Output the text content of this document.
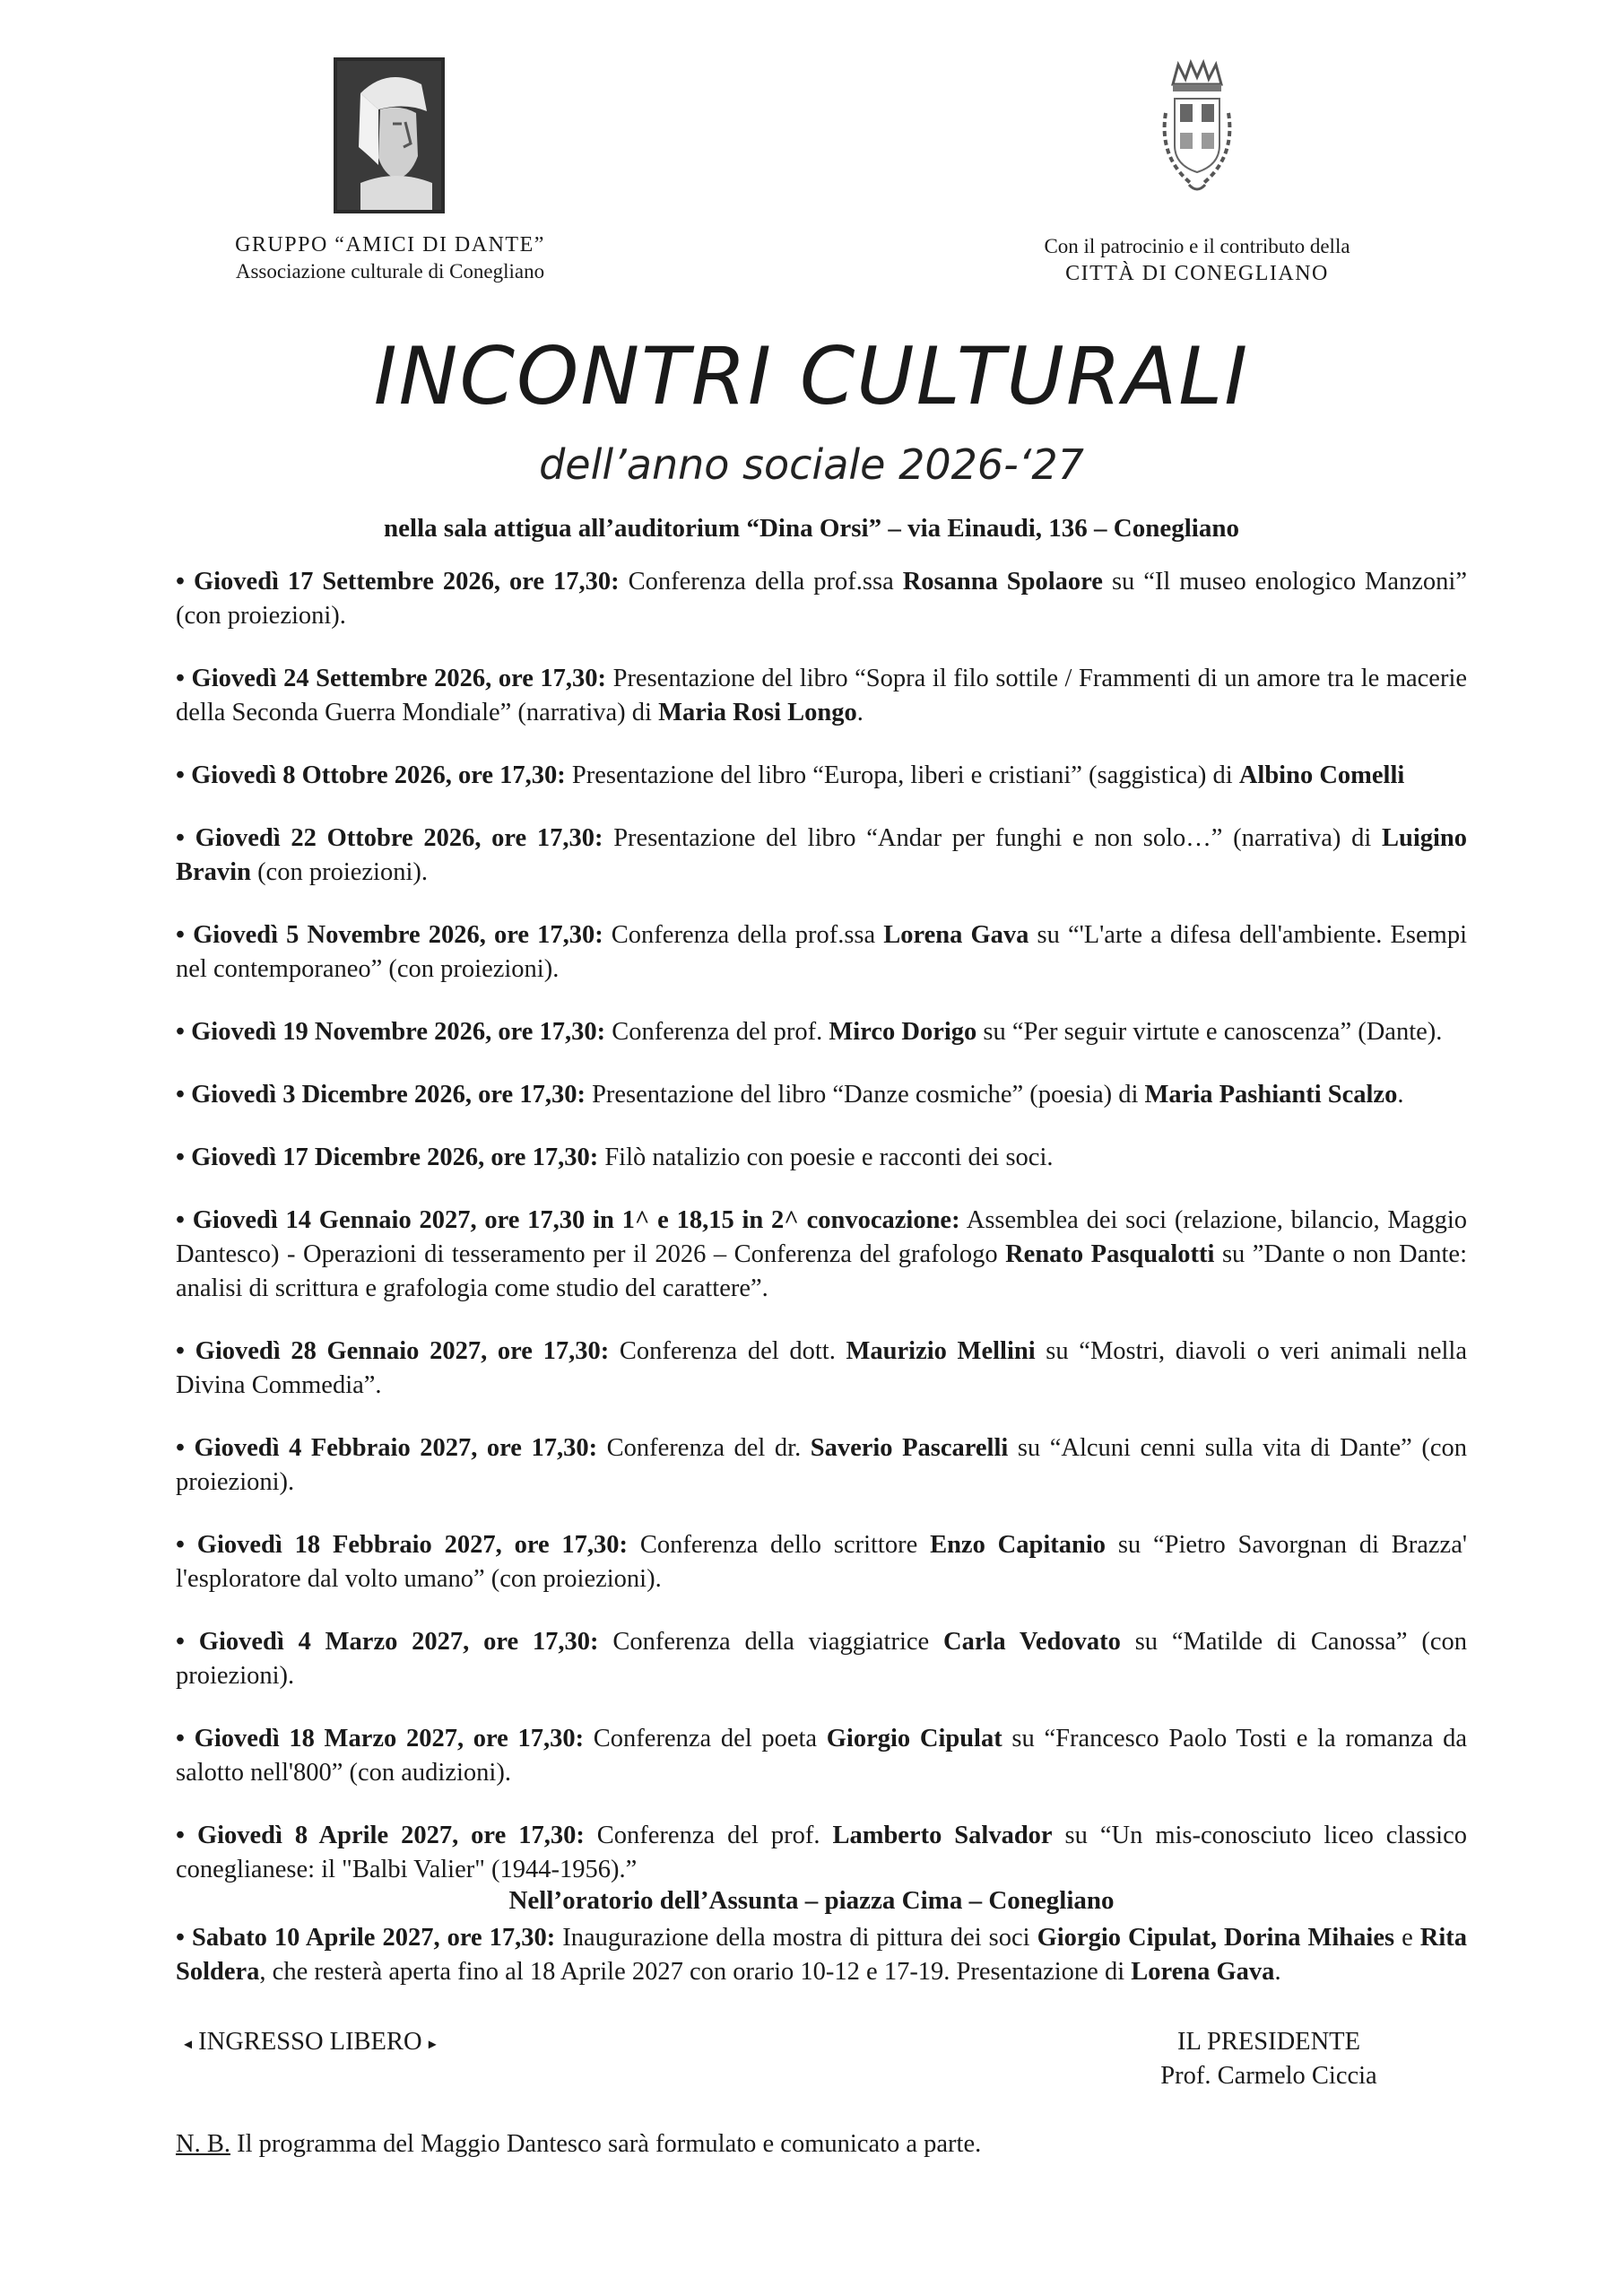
GRUPPO “AMICI DI DANTE”
Associazione culturale di Conegliano
Con il patrocinio e il contributo della
CITTÀ DI CONEGLIANO
INCONTRI CULTURALI
dell’anno sociale 2026-‘27
nella sala attigua all’auditorium “Dina Orsi” – via Einaudi, 136 – Conegliano

• Giovedì 17 Settembre 2026, ore 17,30: Conferenza della prof.ssa Rosanna Spolaore su “Il museo enologico Manzoni” (con proiezioni).

• Giovedì 24 Settembre 2026, ore 17,30: Presentazione del libro “Sopra il filo sottile / Frammenti di un amore tra le macerie della Seconda Guerra Mondiale” (narrativa) di Maria Rosi Longo.

• Giovedì 8 Ottobre 2026, ore 17,30: Presentazione del libro “Europa, liberi e cristiani” (saggistica) di Albino Comelli

• Giovedì 22 Ottobre 2026, ore 17,30: Presentazione del libro “Andar per funghi e non solo…” (narrativa) di Luigino Bravin (con proiezioni).

• Giovedì 5 Novembre 2026, ore 17,30: Conferenza della prof.ssa Lorena Gava su “'L'arte a difesa dell'ambiente. Esempi nel contemporaneo” (con proiezioni).

• Giovedì 19 Novembre 2026, ore 17,30: Conferenza del prof. Mirco Dorigo su “Per seguir virtute e canoscenza” (Dante).

• Giovedì 3 Dicembre 2026, ore 17,30: Presentazione del libro “Danze cosmiche” (poesia) di Maria Pashianti Scalzo.

• Giovedì 17 Dicembre 2026, ore 17,30: Filò natalizio con poesie e racconti dei soci.

• Giovedì 14 Gennaio 2027, ore 17,30 in 1^ e 18,15 in 2^ convocazione: Assemblea dei soci (relazione, bilancio, Maggio Dantesco) - Operazioni di tesseramento per il 2026 – Conferenza del grafologo Renato Pasqualotti su ”Dante o non Dante: analisi di scrittura e grafologia come studio del carattere”.

• Giovedì 28 Gennaio 2027, ore 17,30: Conferenza del dott. Maurizio Mellini su “Mostri, diavoli o veri animali nella Divina Commedia”.

• Giovedì 4 Febbraio 2027, ore 17,30: Conferenza del dr. Saverio Pascarelli su “Alcuni cenni sulla vita di Dante” (con proiezioni).

• Giovedì 18 Febbraio 2027, ore 17,30: Conferenza dello scrittore Enzo Capitanio su “Pietro Savorgnan di Brazza' l'esploratore dal volto umano” (con proiezioni).

• Giovedì 4 Marzo 2027, ore 17,30: Conferenza della viaggiatrice Carla Vedovato su “Matilde di Canossa” (con proiezioni).

• Giovedì 18 Marzo 2027, ore 17,30: Conferenza del poeta Giorgio Cipulat su “Francesco Paolo Tosti e la romanza da salotto nell'800” (con audizioni).

• Giovedì 8 Aprile 2027, ore 17,30: Conferenza del prof. Lamberto Salvador su “Un mis-conosciuto liceo classico coneglianese: il "Balbi Valier" (1944-1956).”

Nell’oratorio dell’Assunta – piazza Cima – Conegliano

• Sabato 10 Aprile 2027, ore 17,30: Inaugurazione della mostra di pittura dei soci Giorgio Cipulat, Dorina Mihaies e Rita Soldera, che resterà aperta fino al 18 Aprile 2027 con orario 10-12 e 17-19. Presentazione di Lorena Gava.

◂ INGRESSO LIBERO ▸	IL PRESIDENTE
Prof. Carmelo Ciccia
N. B. Il programma del Maggio Dantesco sarà formulato e comunicato a parte.
